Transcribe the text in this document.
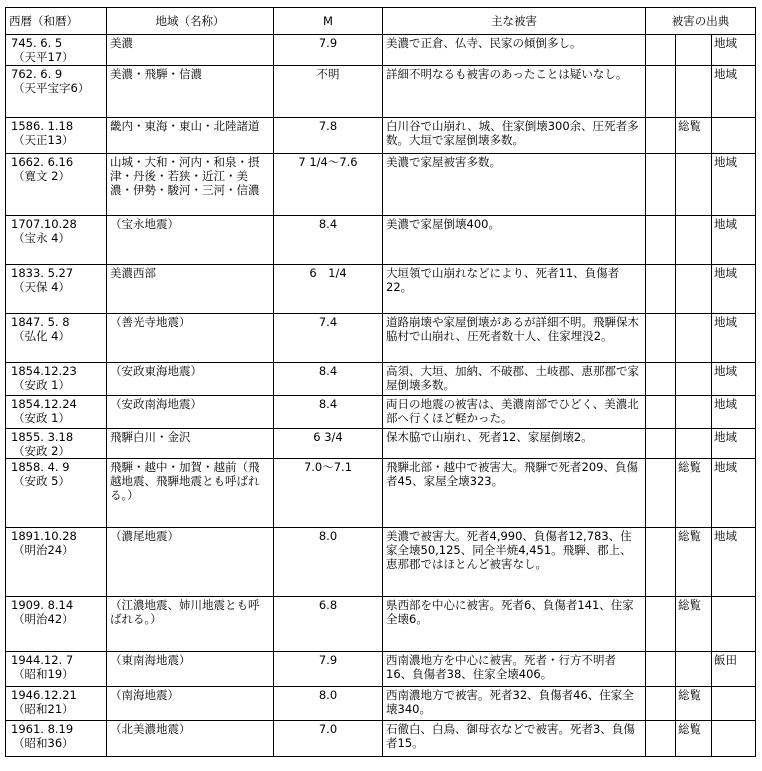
西暦（和暦）	地域（名称）	M	主な被害	被害の出典		

745. 6. 5
（天平17）	美濃	7.9	美濃で正倉、仏寺、民家の傾倒多し。			地域

762. 6. 9
（天平宝字6）	美濃・飛騨・信濃	不明	詳細不明なるも被害のあったことは疑いなし。			地域

1586. 1.18
（天正13）	畿内・東海・東山・北陸諸道	7.8	白川谷で山崩れ、城、住家倒壊300余、圧死者多数。大垣で家屋倒壊多数。		総覧	

1662. 6.16
（寛文 2）	山城・大和・河内・和泉・摂津・丹後・若狭・近江・美濃・伊勢・駿河・三河・信濃	7 1/4～7.6	美濃で家屋被害多数。			地域

1707.10.28
（宝永 4）	（宝永地震）	8.4	美濃で家屋倒壊400。			地域

1833. 5.27
（天保 4）	美濃西部	6　1/4	大垣領で山崩れなどにより、死者11、負傷者22。			地域

1847. 5. 8
（弘化 4）	（善光寺地震）	7.4	道路崩壊や家屋倒壊があるが詳細不明。飛騨保木脇村で山崩れ、圧死者数十人、住家埋没2。			地域

1854.12.23
（安政 1）	（安政東海地震）	8.4	高須、大垣、加納、不破郡、土岐郡、恵那郡で家屋倒壊多数。			地域

1854.12.24
（安政 1）	（安政南海地震）	8.4	両日の地震の被害は、美濃南部でひどく、美濃北部へ行くほど軽かった。			地域

1855. 3.18
（安政 2）	飛騨白川・金沢	6 3/4	保木脇で山崩れ、死者12、家屋倒壊2。			地域

1858. 4. 9
（安政 5）	飛騨・越中・加賀・越前（飛越地震、飛騨地震とも呼ばれる。）	7.0～7.1	飛騨北部・越中で被害大。飛騨で死者209、負傷者45、家屋全壊323。		総覧	地域

1891.10.28
（明治24）	（濃尾地震）	8.0	美濃で被害大。死者4,990、負傷者12,783、住家全壊50,125、同全半焼4,451。飛騨、郡上、恵那郡ではほとんど被害なし。		総覧	地域

1909. 8.14
（明治42）	（江濃地震、姉川地震とも呼ばれる。）	6.8	県西部を中心に被害。死者6、負傷者141、住家全壊6。		総覧	

1944.12. 7
（昭和19）	（東南海地震）	7.9	西南濃地方を中心に被害。死者・行方不明者16、負傷者38、住家全壊406。			飯田

1946.12.21
（昭和21）	（南海地震）	8.0	西南濃地方で被害。死者32、負傷者46、住家全壊340。		総覧	

1961. 8.19
（昭和36）	（北美濃地震）	7.0	石徹白、白鳥、御母衣などで被害。死者3、負傷者15。		総覧	
